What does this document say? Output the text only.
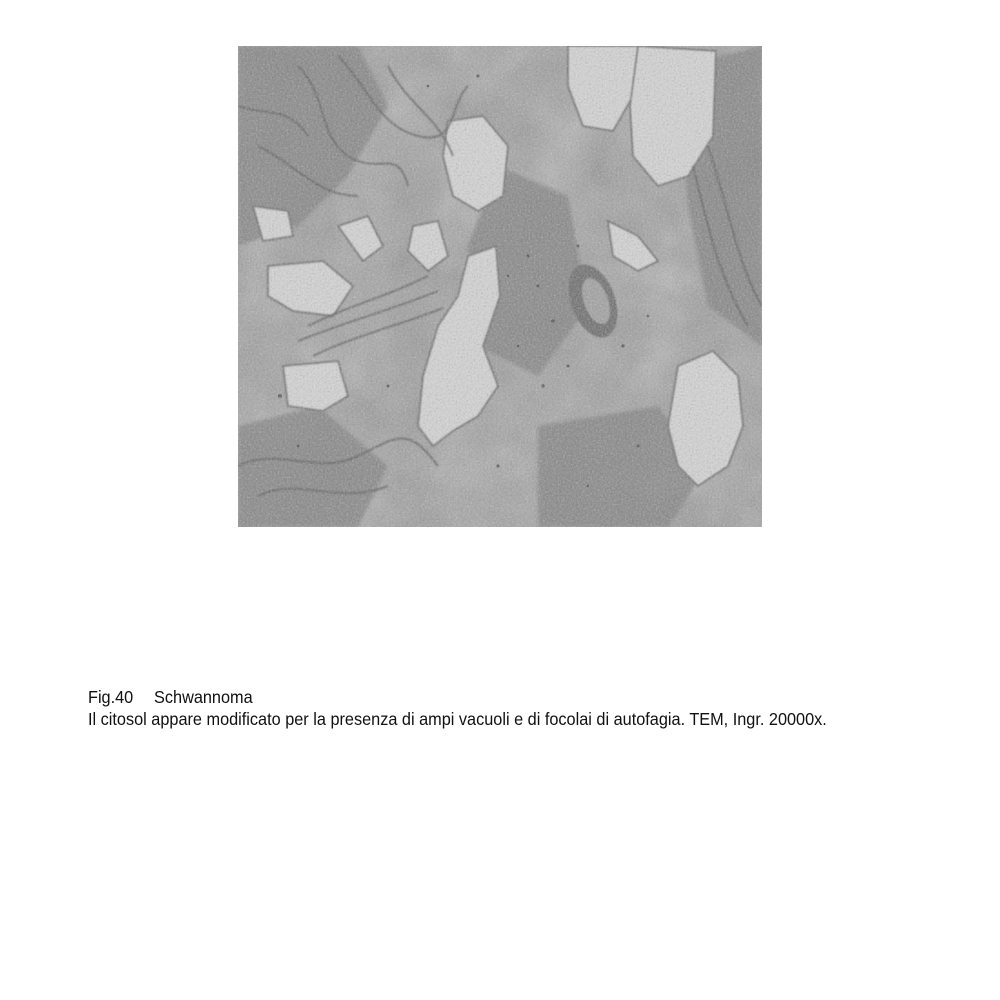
Fig.40 Schwannoma
Il citosol appare modificato per la presenza di ampi vacuoli e di focolai di autofagia. TEM, Ingr. 20000x.
